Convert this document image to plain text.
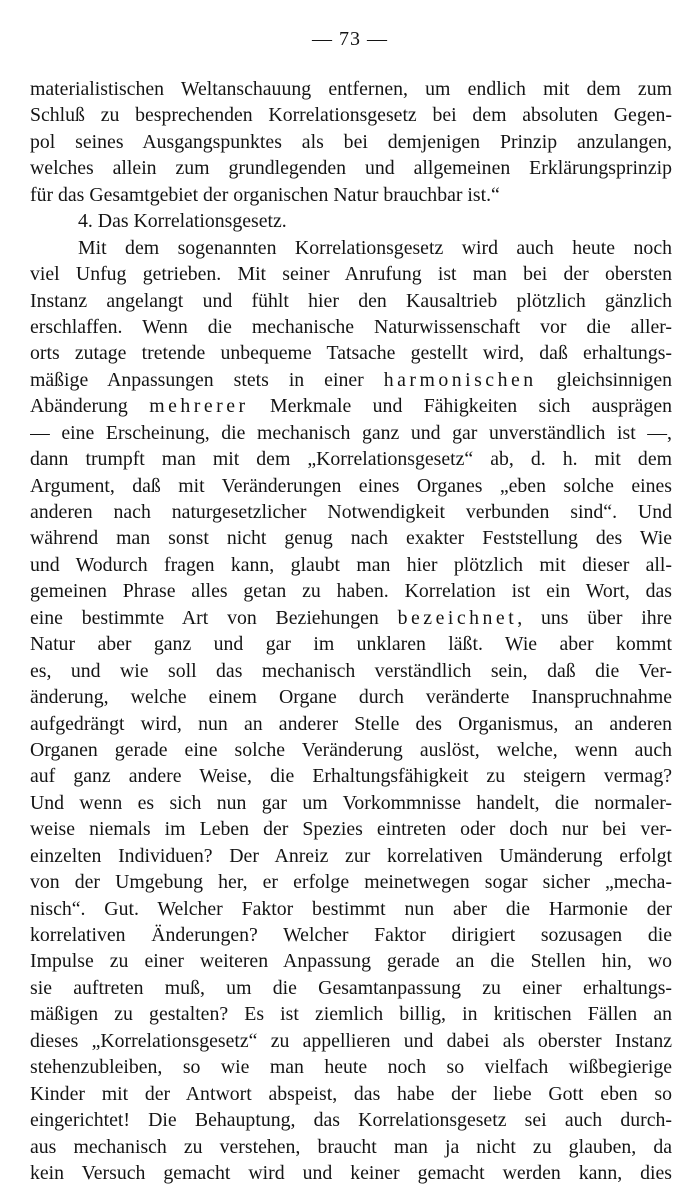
— 73 —
materialistischen Weltanschauung entfernen, um endlich mit dem zum
Schluß zu besprechenden Korrelationsgesetz bei dem absoluten Gegen-
pol seines Ausgangspunktes als bei demjenigen Prinzip anzulangen,
welches allein zum grundlegenden und allgemeinen Erklärungsprinzip
für das Gesamtgebiet der organischen Natur brauchbar ist.“
4. Das Korrelationsgesetz.
Mit dem sogenannten Korrelationsgesetz wird auch heute noch
viel Unfug getrieben. Mit seiner Anrufung ist man bei der obersten
Instanz angelangt und fühlt hier den Kausaltrieb plötzlich gänzlich
erschlaffen. Wenn die mechanische Naturwissenschaft vor die aller-
orts zutage tretende unbequeme Tatsache gestellt wird, daß erhaltungs-
mäßige Anpassungen stets in einer harmonischen gleichsinnigen
Abänderung mehrerer Merkmale und Fähigkeiten sich ausprägen
— eine Erscheinung, die mechanisch ganz und gar unverständlich ist —,
dann trumpft man mit dem „Korrelationsgesetz“ ab, d. h. mit dem
Argument, daß mit Veränderungen eines Organes „eben solche eines
anderen nach naturgesetzlicher Notwendigkeit verbunden sind“. Und
während man sonst nicht genug nach exakter Feststellung des Wie
und Wodurch fragen kann, glaubt man hier plötzlich mit dieser all-
gemeinen Phrase alles getan zu haben. Korrelation ist ein Wort, das
eine bestimmte Art von Beziehungen bezeichnet, uns über ihre
Natur aber ganz und gar im unklaren läßt. Wie aber kommt
es, und wie soll das mechanisch verständlich sein, daß die Ver-
änderung, welche einem Organe durch veränderte Inanspruchnahme
aufgedrängt wird, nun an anderer Stelle des Organismus, an anderen
Organen gerade eine solche Veränderung auslöst, welche, wenn auch
auf ganz andere Weise, die Erhaltungsfähigkeit zu steigern vermag?
Und wenn es sich nun gar um Vorkommnisse handelt, die normaler-
weise niemals im Leben der Spezies eintreten oder doch nur bei ver-
einzelten Individuen? Der Anreiz zur korrelativen Umänderung erfolgt
von der Umgebung her, er erfolge meinetwegen sogar sicher „mecha-
nisch“. Gut. Welcher Faktor bestimmt nun aber die Harmonie der
korrelativen Änderungen? Welcher Faktor dirigiert sozusagen die
Impulse zu einer weiteren Anpassung gerade an die Stellen hin, wo
sie auftreten muß, um die Gesamtanpassung zu einer erhaltungs-
mäßigen zu gestalten? Es ist ziemlich billig, in kritischen Fällen an
dieses „Korrelationsgesetz“ zu appellieren und dabei als oberster Instanz
stehenzubleiben, so wie man heute noch so vielfach wißbegierige
Kinder mit der Antwort abspeist, das habe der liebe Gott eben so
eingerichtet! Die Behauptung, das Korrelationsgesetz sei auch durch-
aus mechanisch zu verstehen, braucht man ja nicht zu glauben, da
kein Versuch gemacht wird und keiner gemacht werden kann, dies
